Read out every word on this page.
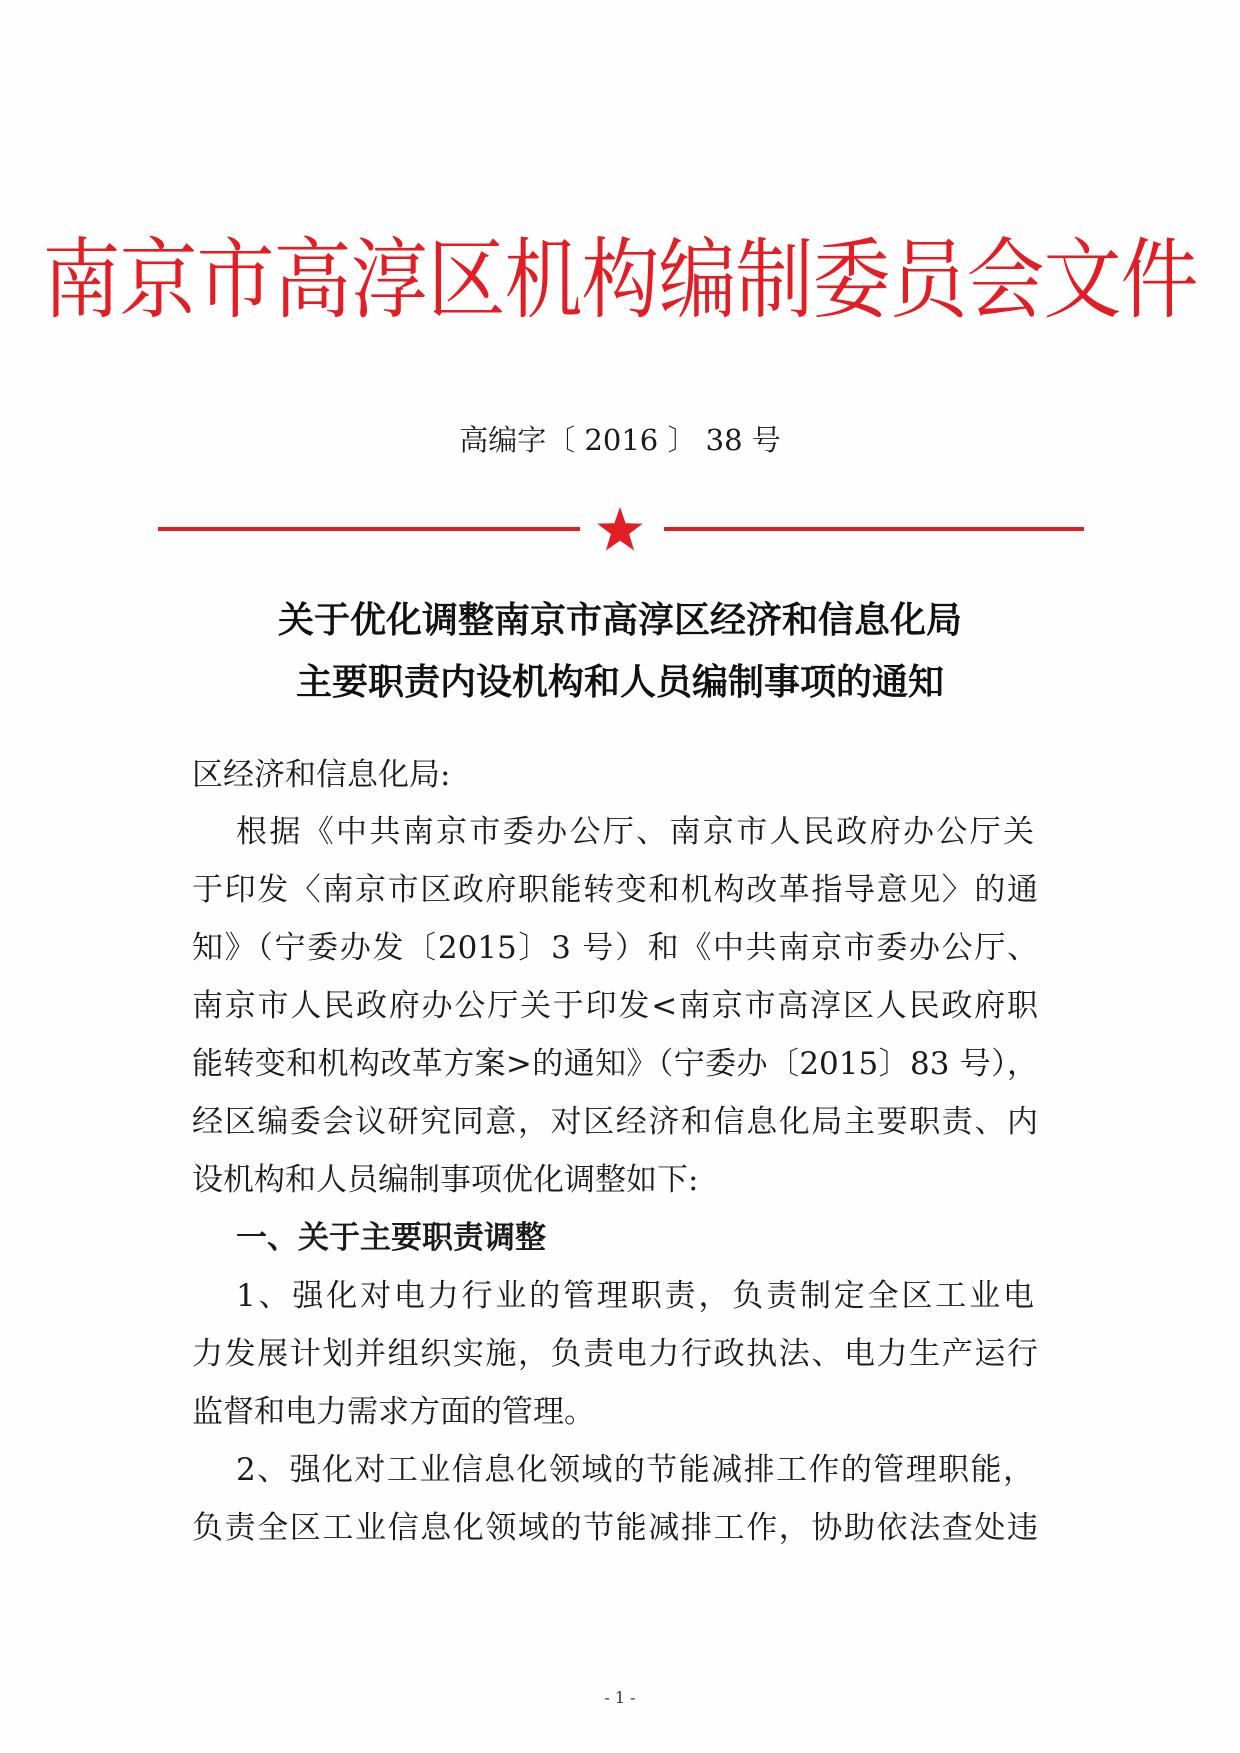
南京市高淳区机构编制委员会文件
高编字〔 2016 〕 38 号
关于优化调整南京市高淳区经济和信息化局
主要职责内设机构和人员编制事项的通知
区经济和信息化局:
根据《中共南京市委办公厅、南京市人民政府办公厅关
于印发〈南京市区政府职能转变和机构改革指导意见〉的通
知》（宁委办发〔2015〕3 号）和《中共南京市委办公厅、
南京市人民政府办公厅关于印发<南京市高淳区人民政府职
能转变和机构改革方案>的通知》（宁委办〔2015〕83 号），
经区编委会议研究同意，对区经济和信息化局主要职责、内
设机构和人员编制事项优化调整如下:
一、关于主要职责调整
1、强化对电力行业的管理职责，负责制定全区工业电
力发展计划并组织实施，负责电力行政执法、电力生产运行
监督和电力需求方面的管理。
2、强化对工业信息化领域的节能减排工作的管理职能，
负责全区工业信息化领域的节能减排工作，协助依法查处违
- 1 -
